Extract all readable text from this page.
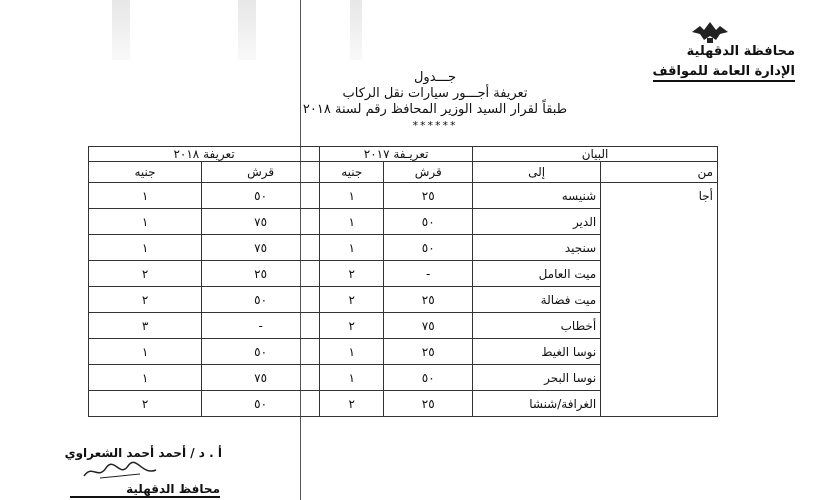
محافظة الدقهلية
الإدارة العامة للمواقف
جـــدول
تعريفة أجـــور سيارات نقل الركاب
طبقاً لقرار السيد الوزير المحافظ رقم لسنة ٢٠١٨
******
البيان		تعريـفة ٢٠١٧		تعريفة ٢٠١٨	
من	إلى	قرش	جنيه	قرش	جنيه
أجا	شنيسه	٢٥	١	٥٠	١
	الدير	٥٠	١	٧٥	١
	سنجيد	٥٠	١	٧٥	١
	ميت العامل	-	٢	٢٥	٢
	ميت فضالة	٢٥	٢	٥٠	٢
	أخطاب	٧٥	٢	-	٣
	نوسا الغيط	٢٥	١	٥٠	١
	نوسا البحر	٥٠	١	٧٥	١
	الغرافة/شنشا	٢٥	٢	٥٠	٢
أ . د / أحمد أحمد الشعراوي
محافظ الدقهلية
